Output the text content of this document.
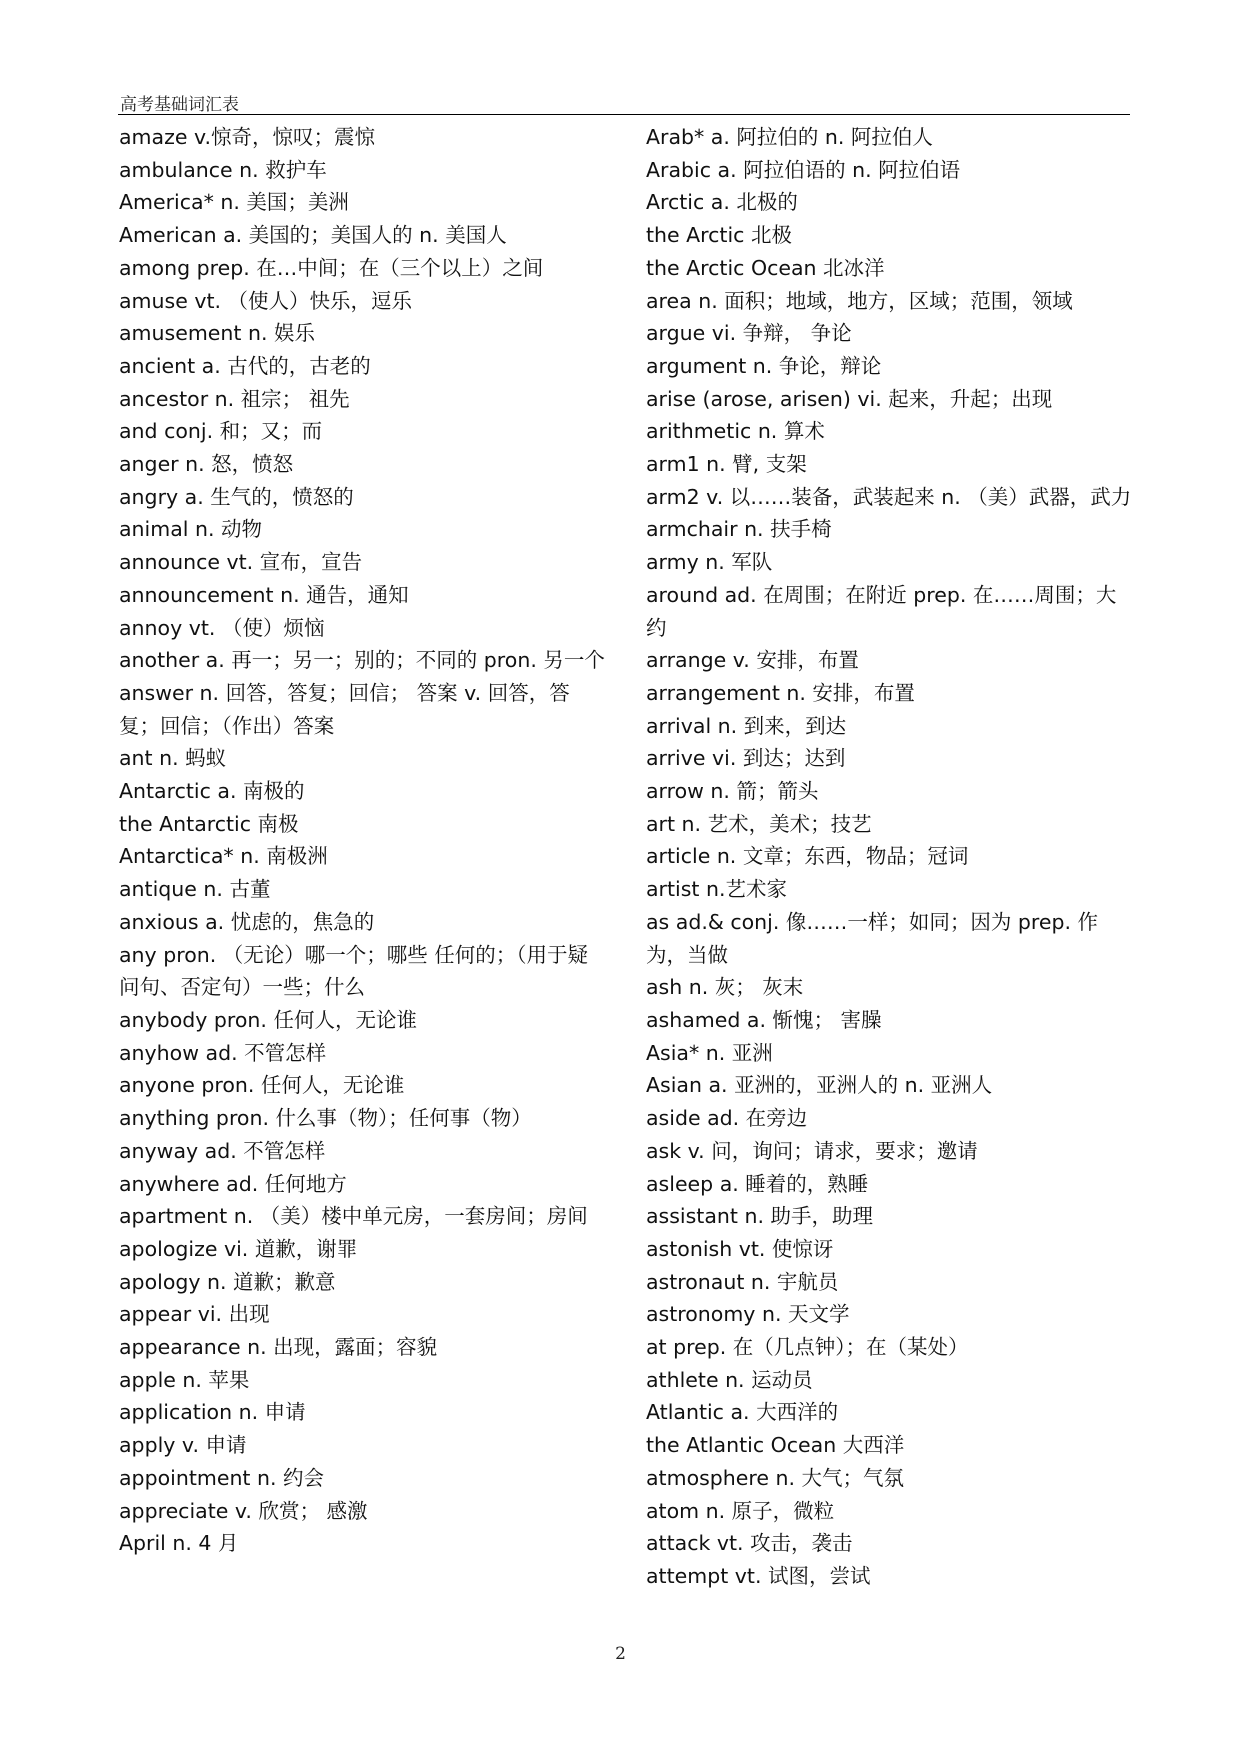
高考基础词汇表
amaze v.惊奇，惊叹；震惊
ambulance n. 救护车
America* n. 美国；美洲
American a. 美国的；美国人的 n. 美国人
among prep. 在…中间；在（三个以上）之间
amuse vt. （使人）快乐，逗乐
amusement n. 娱乐
ancient a. 古代的，古老的
ancestor n. 祖宗； 祖先
and conj. 和；又；而
anger n. 怒，愤怒
angry a. 生气的，愤怒的
animal n. 动物
announce vt. 宣布，宣告
announcement n. 通告，通知
annoy vt. （使）烦恼
another a. 再一；另一；别的；不同的 pron. 另一个
answer n. 回答，答复；回信； 答案 v. 回答，答复；回信；（作出）答案
ant n. 蚂蚁
Antarctic a. 南极的
the Antarctic 南极
Antarctica* n. 南极洲
antique n. 古董
anxious a. 忧虑的，焦急的
any pron. （无论）哪一个；哪些 任何的；（用于疑问句、否定句）一些；什么
anybody pron. 任何人，无论谁
anyhow ad. 不管怎样
anyone pron. 任何人，无论谁
anything pron. 什么事（物）；任何事（物）
anyway ad. 不管怎样
anywhere ad. 任何地方
apartment n. （美）楼中单元房，一套房间；房间
apologize vi. 道歉，谢罪
apology n. 道歉；歉意
appear vi. 出现
appearance n. 出现，露面；容貌
apple n. 苹果
application n. 申请
apply v. 申请
appointment n. 约会
appreciate v. 欣赏； 感激
April n. 4 月
Arab* a. 阿拉伯的 n. 阿拉伯人
Arabic a. 阿拉伯语的 n. 阿拉伯语
Arctic a. 北极的
the Arctic 北极
the Arctic Ocean 北冰洋
area n. 面积；地域，地方，区域；范围，领域
argue vi. 争辩， 争论
argument n. 争论，辩论
arise (arose, arisen) vi. 起来，升起；出现
arithmetic n. 算术
arm1 n. 臂, 支架
arm2 v. 以……装备，武装起来 n. （美）武器，武力
armchair n. 扶手椅
army n. 军队
around ad. 在周围；在附近 prep. 在……周围；大约
arrange v. 安排，布置
arrangement n. 安排，布置
arrival n. 到来，到达
arrive vi. 到达；达到
arrow n. 箭；箭头
art n. 艺术，美术；技艺
article n. 文章；东西，物品；冠词
artist n.艺术家
as ad.& conj. 像……一样；如同；因为 prep. 作为，当做
ash n. 灰； 灰末
ashamed a. 惭愧； 害臊
Asia* n. 亚洲
Asian a. 亚洲的，亚洲人的 n. 亚洲人
aside ad. 在旁边
ask v. 问，询问；请求，要求；邀请
asleep a. 睡着的，熟睡
assistant n. 助手，助理
astonish vt. 使惊讶
astronaut n. 宇航员
astronomy n. 天文学
at prep. 在（几点钟）；在（某处）
athlete n. 运动员
Atlantic a. 大西洋的
the Atlantic Ocean 大西洋
atmosphere n. 大气；气氛
atom n. 原子，微粒
attack vt. 攻击，袭击
attempt vt. 试图，尝试
2
